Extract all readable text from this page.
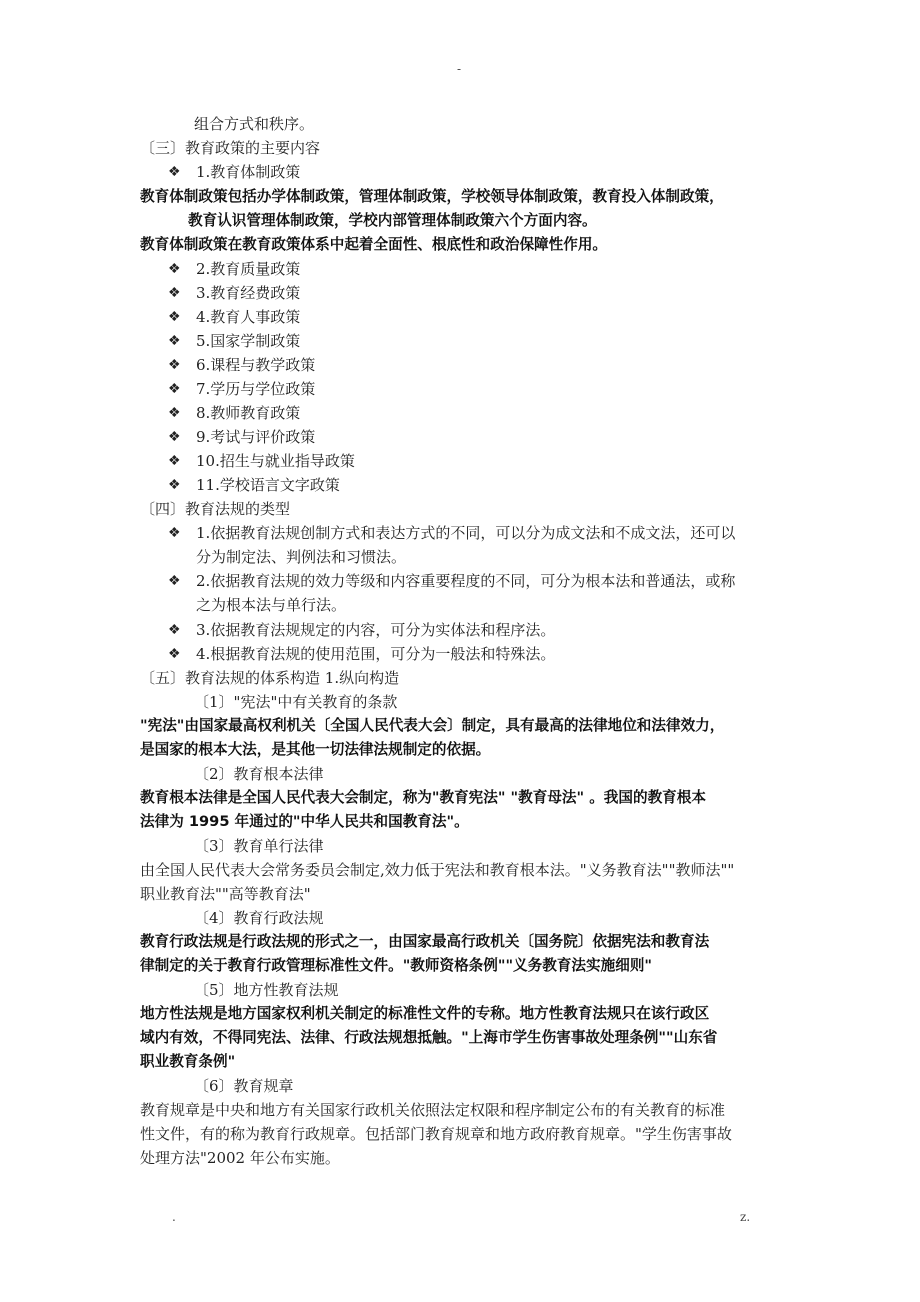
-
组合方式和秩序。
〔三〕教育政策的主要内容
❖ 1.教育体制政策
教育体制政策包括办学体制政策，管理体制政策，学校领导体制政策，教育投入体制政策，
教育认识管理体制政策，学校内部管理体制政策六个方面内容。
教育体制政策在教育政策体系中起着全面性、根底性和政治保障性作用。
❖ 2.教育质量政策
❖ 3.教育经费政策
❖ 4.教育人事政策
❖ 5.国家学制政策
❖ 6.课程与教学政策
❖ 7.学历与学位政策
❖ 8.教师教育政策
❖ 9.考试与评价政策
❖ 10.招生与就业指导政策
❖ 11.学校语言文字政策
〔四〕教育法规的类型
❖ 1.依据教育法规创制方式和表达方式的不同，可以分为成文法和不成文法，还可以
分为制定法、判例法和习惯法。
❖ 2.依据教育法规的效力等级和内容重要程度的不同，可分为根本法和普通法，或称
之为根本法与单行法。
❖ 3.依据教育法规规定的内容，可分为实体法和程序法。
❖ 4.根据教育法规的使用范围，可分为一般法和特殊法。
〔五〕教育法规的体系构造 1.纵向构造
〔1〕"宪法"中有关教育的条款
"宪法"由国家最高权利机关〔全国人民代表大会〕制定，具有最高的法律地位和法律效力，
是国家的根本大法，是其他一切法律法规制定的依据。
〔2〕教育根本法律
教育根本法律是全国人民代表大会制定，称为"教育宪法" "教育母法" 。我国的教育根本
法律为 1995 年通过的"中华人民共和国教育法"。
〔3〕教育单行法律
由全国人民代表大会常务委员会制定,效力低于宪法和教育根本法。"义务教育法""教师法""
职业教育法""高等教育法"
〔4〕教育行政法规
教育行政法规是行政法规的形式之一，由国家最高行政机关〔国务院〕依据宪法和教育法
律制定的关于教育行政管理标准性文件。"教师资格条例""义务教育法实施细则"
〔5〕地方性教育法规
地方性法规是地方国家权利机关制定的标准性文件的专称。地方性教育法规只在该行政区
域内有效，不得同宪法、法律、行政法规想抵触。"上海市学生伤害事故处理条例""山东省
职业教育条例"
〔6〕教育规章
教育规章是中央和地方有关国家行政机关依照法定权限和程序制定公布的有关教育的标准
性文件，有的称为教育行政规章。包括部门教育规章和地方政府教育规章。"学生伤害事故
处理方法"2002 年公布实施。
.	z.
